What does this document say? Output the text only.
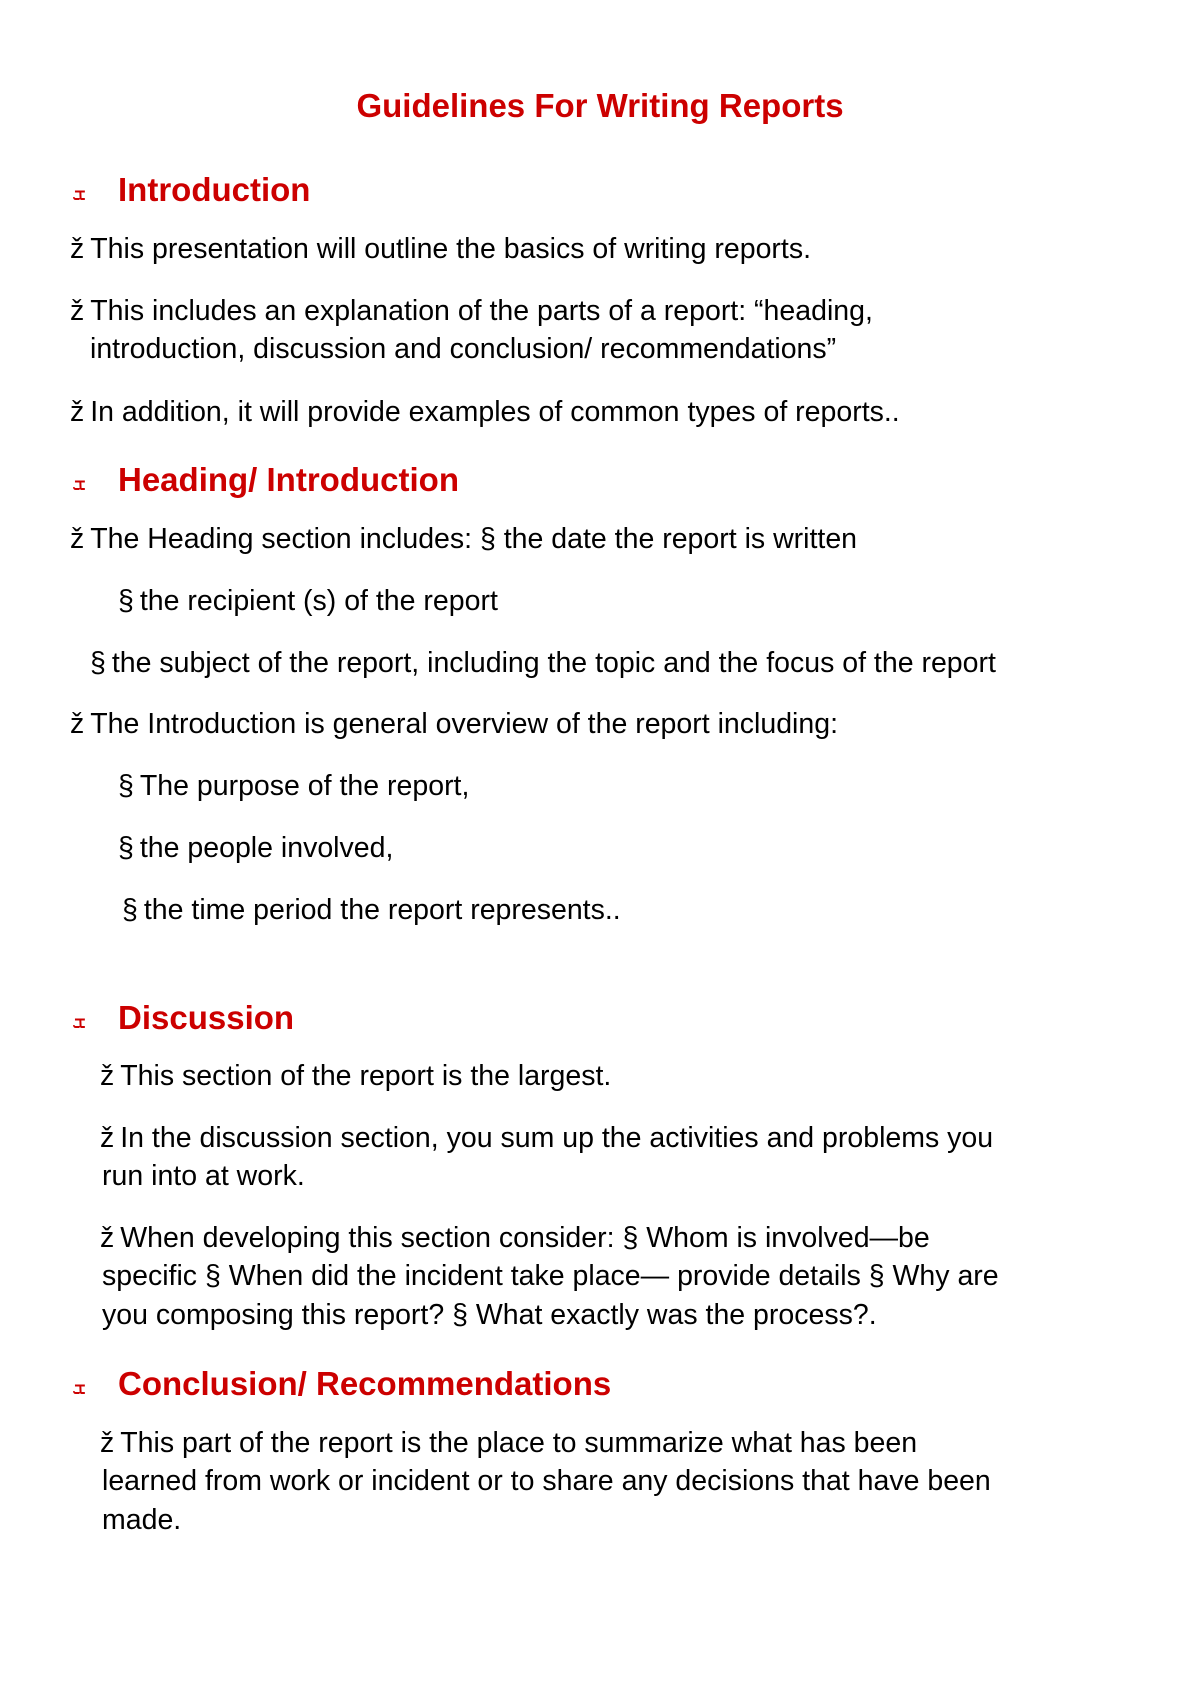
Guidelines For Writing Reports
ܫ Introduction
ž This presentation will outline the basics of writing reports.
ž This includes an explanation of the parts of a report: “heading,
introduction, discussion and conclusion/ recommendations”
ž In addition, it will provide examples of common types of reports..
ܫ Heading/ Introduction
ž The Heading section includes: § the date the report is written
§ the recipient (s) of the report
§ the subject of the report, including the topic and the focus of the report
ž The Introduction is general overview of the report including:
§ The purpose of the report,
§ the people involved,
§ the time period the report represents..
ܫ Discussion
ž This section of the report is the largest.
ž In the discussion section, you sum up the activities and problems you
run into at work.
ž When developing this section consider: § Whom is involved—be
specific § When did the incident take place— provide details § Why are
you composing this report? § What exactly was the process?.
ܫ Conclusion/ Recommendations
ž This part of the report is the place to summarize what has been
learned from work or incident or to share any decisions that have been
made.
